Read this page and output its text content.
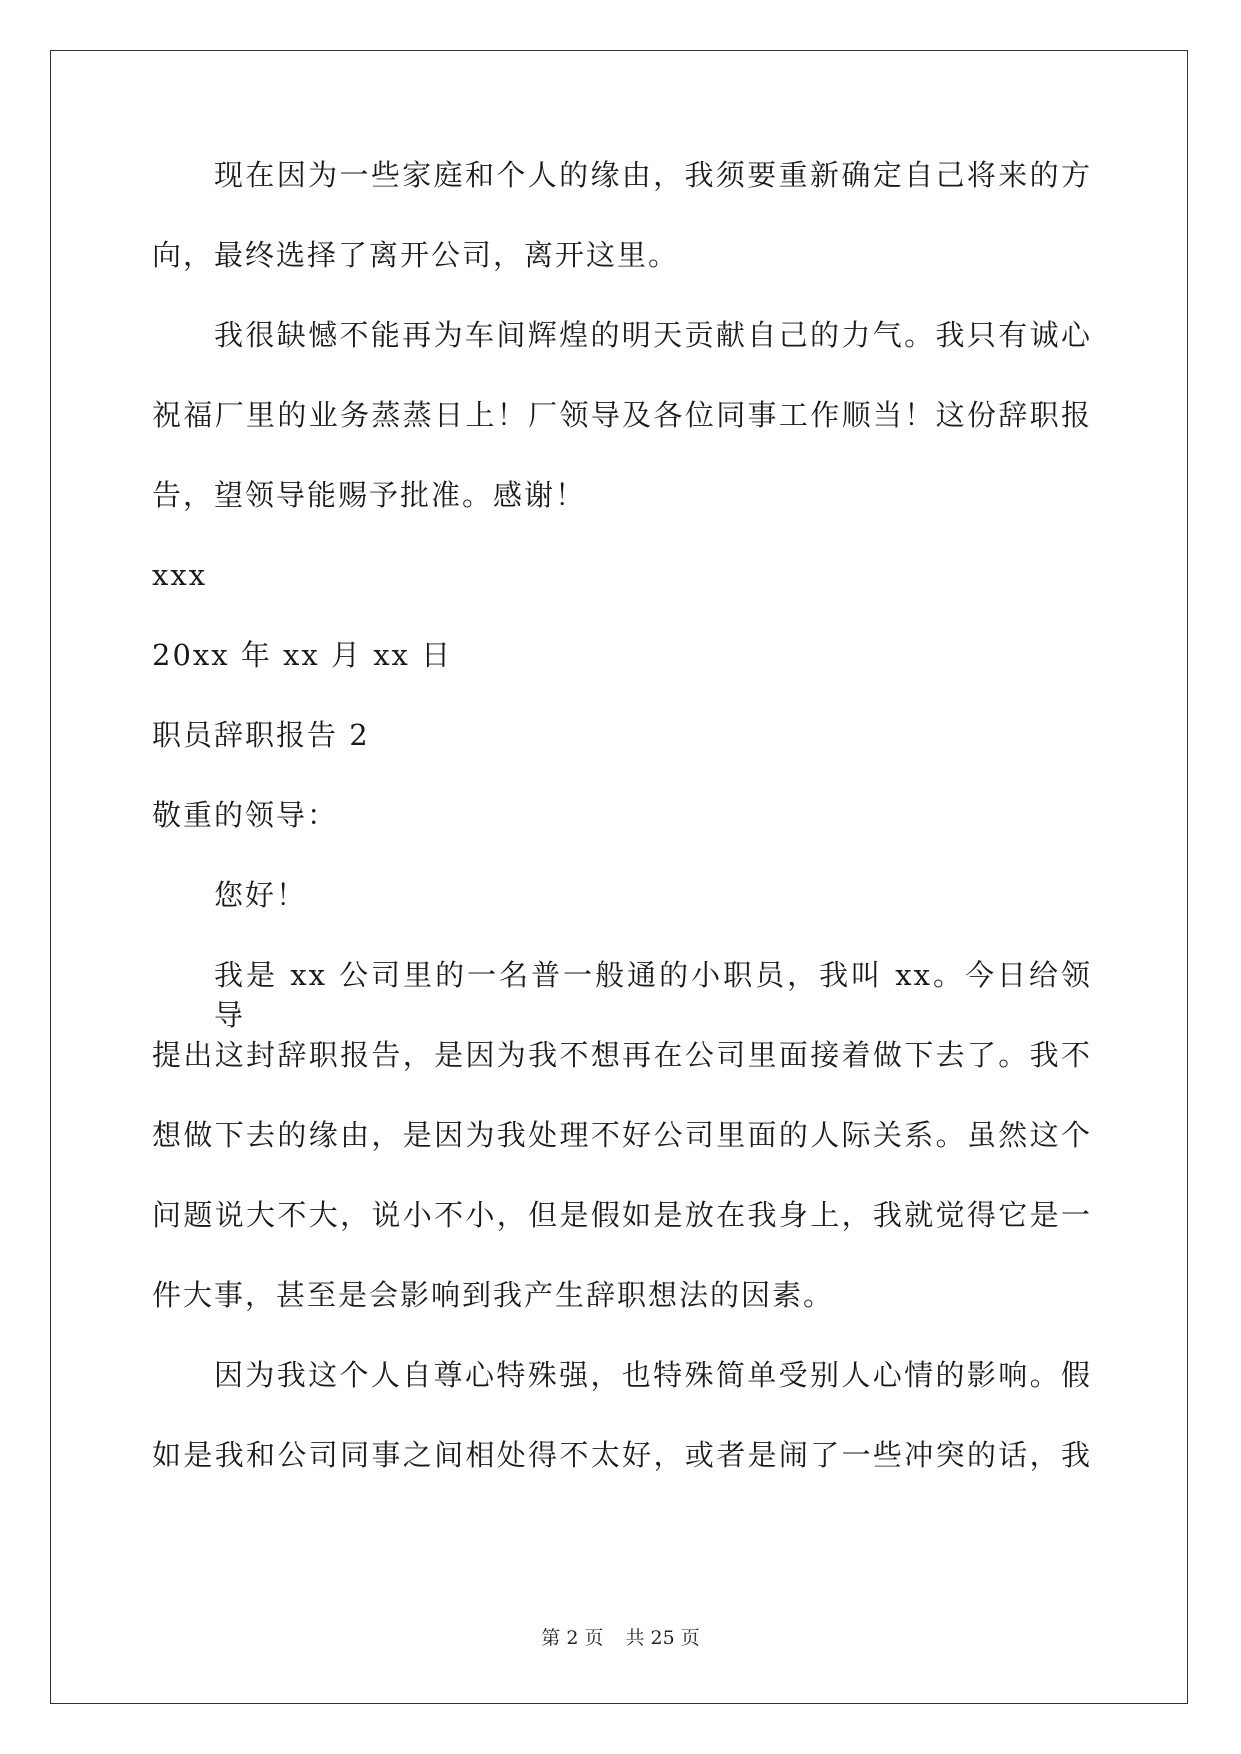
现在因为一些家庭和个人的缘由，我须要重新确定自己将来的方
向，最终选择了离开公司，离开这里。
我很缺憾不能再为车间辉煌的明天贡献自己的力气。我只有诚心
祝福厂里的业务蒸蒸日上！厂领导及各位同事工作顺当！这份辞职报
告，望领导能赐予批准。感谢！
xxx
20xx 年 xx 月 xx 日
职员辞职报告 2
敬重的领导：
您好！
我是 xx 公司里的一名普一般通的小职员，我叫 xx。今日给领导
提出这封辞职报告，是因为我不想再在公司里面接着做下去了。我不
想做下去的缘由，是因为我处理不好公司里面的人际关系。虽然这个
问题说大不大，说小不小，但是假如是放在我身上，我就觉得它是一
件大事，甚至是会影响到我产生辞职想法的因素。
因为我这个人自尊心特殊强，也特殊简单受别人心情的影响。假
如是我和公司同事之间相处得不太好，或者是闹了一些冲突的话，我
第 2 页 共 25 页
